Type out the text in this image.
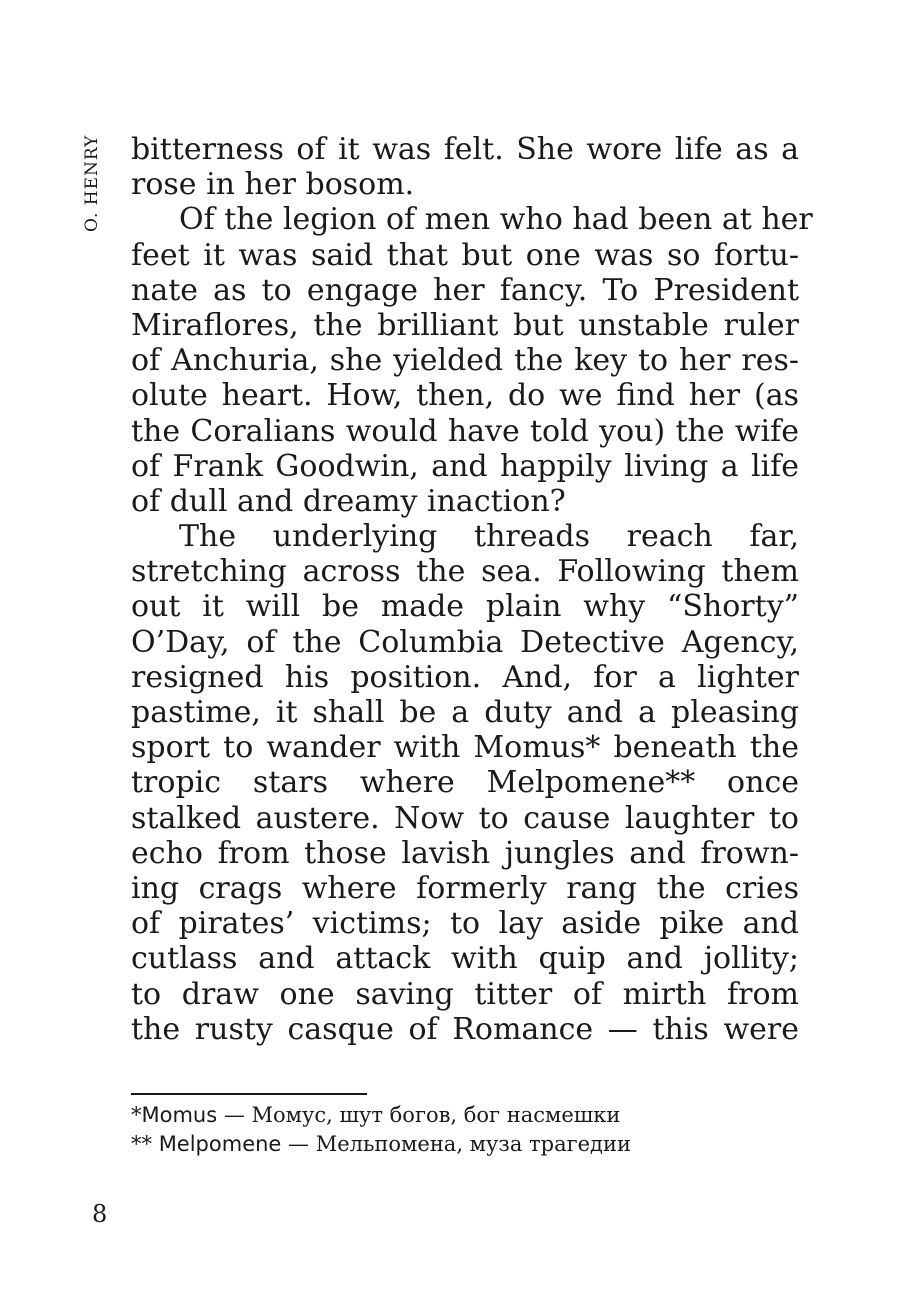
O. HENRY bitterness of it was felt. She wore life as a
rose in her bosom.
Of the legion of men who had been at her
feet it was said that but one was so fortu-
nate as to engage her fancy. To President
Miraflores, the brilliant but unstable ruler
of Anchuria, she yielded the key to her res-
olute heart. How, then, do we find her (as
the Coralians would have told you) the wife
of Frank Goodwin, and happily living a life
of dull and dreamy inaction?
The underlying threads reach far,
stretching across the sea. Following them
out it will be made plain why “Shorty”
O’Day, of the Columbia Detective Agency,
resigned his position. And, for a lighter
pastime, it shall be a duty and a pleasing
sport to wander with Momus* beneath the
tropic stars where Melpomene** once
stalked austere. Now to cause laughter to
echo from those lavish jungles and frown-
ing crags where formerly rang the cries
of pirates’ victims; to lay aside pike and
cutlass and attack with quip and jollity;
to draw one saving titter of mirth from
the rusty casque of Romance — this were
*Momus — Момус, шут богов, бог насмешки
** Melpomene — Мельпомена, муза трагедии
8
